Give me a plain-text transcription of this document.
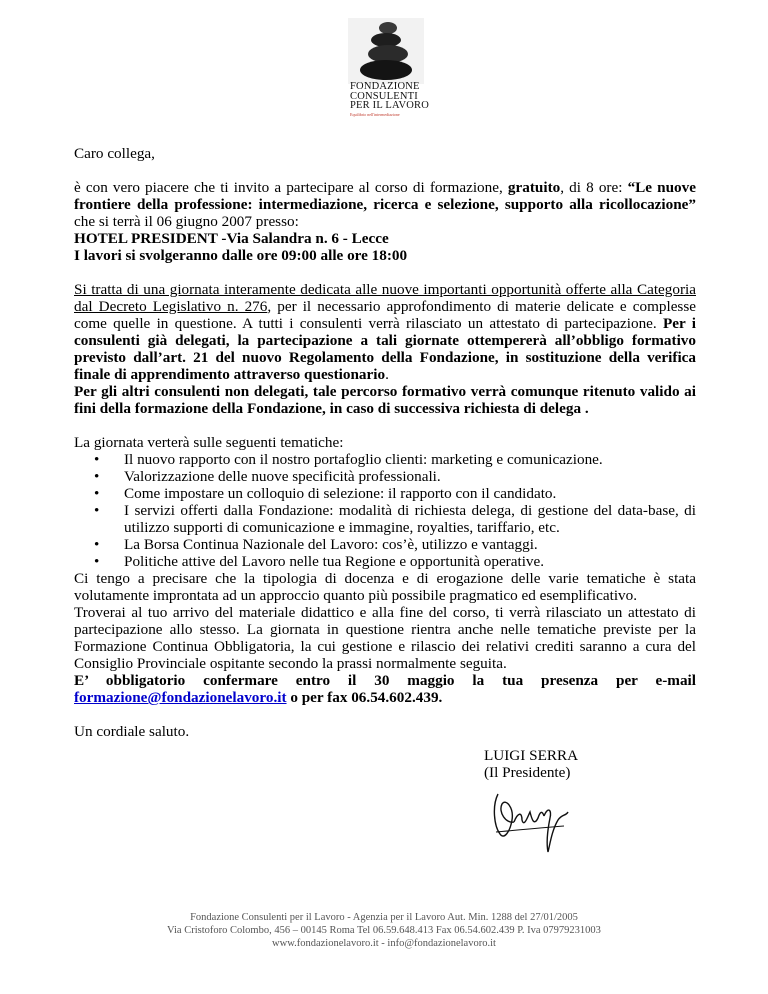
FONDAZIONE
CONSULENTI
PER IL LAVORO
Equilibrio nell'intermediazione
Caro collega,
è con vero piacere che ti invito a partecipare al corso di formazione, gratuito, di 8 ore: “Le nuove frontiere della professione: intermediazione, ricerca e selezione, supporto alla ricollocazione” che si terrà il 06 giugno 2007 presso:
HOTEL PRESIDENT -Via Salandra n. 6 - Lecce
I lavori si svolgeranno dalle ore 09:00 alle ore 18:00
Si tratta di una giornata interamente dedicata alle nuove importanti opportunità offerte alla Categoria dal Decreto Legislativo n. 276, per il necessario approfondimento di materie delicate e complesse come quelle in questione. A tutti i consulenti verrà rilasciato un attestato di partecipazione. Per i consulenti già delegati, la partecipazione a tali giornate ottempererà all’obbligo formativo previsto dall’art. 21 del nuovo Regolamento della Fondazione, in sostituzione della verifica finale di apprendimento attraverso questionario.
Per gli altri consulenti non delegati, tale percorso formativo verrà comunque ritenuto valido ai fini della formazione della Fondazione, in caso di successiva richiesta di delega .
La giornata verterà sulle seguenti tematiche:
• Il nuovo rapporto con il nostro portafoglio clienti: marketing e comunicazione.
• Valorizzazione delle nuove specificità professionali.
• Come impostare un colloquio di selezione: il rapporto con il candidato.
• I servizi offerti dalla Fondazione: modalità di richiesta delega, di gestione del data-base, di utilizzo supporti di comunicazione e immagine, royalties, tariffario, etc.
• La Borsa Continua Nazionale del Lavoro: cos’è, utilizzo e vantaggi.
• Politiche attive del Lavoro nelle tua Regione e opportunità operative.
Ci tengo a precisare che la tipologia di docenza e di erogazione delle varie tematiche è stata volutamente improntata ad un approccio quanto più possibile pragmatico ed esemplificativo.
Troverai al tuo arrivo del materiale didattico e alla fine del corso, ti verrà rilasciato un attestato di partecipazione allo stesso. La giornata in questione rientra anche nelle tematiche previste per la Formazione Continua Obbligatoria, la cui gestione e rilascio dei relativi crediti saranno a cura del Consiglio Provinciale ospitante secondo la prassi normalmente seguita.
E’ obbligatorio confermare entro il 30 maggio la tua presenza per e-mail
formazione@fondazionelavoro.it o per fax 06.54.602.439.
Un cordiale saluto.
LUIGI SERRA
(Il Presidente)
Fondazione Consulenti per il Lavoro - Agenzia per il Lavoro Aut. Min. 1288 del 27/01/2005
Via Cristoforo Colombo, 456 – 00145 Roma Tel 06.59.648.413 Fax 06.54.602.439 P. Iva 07979231003
www.fondazionelavoro.it - info@fondazionelavoro.it
